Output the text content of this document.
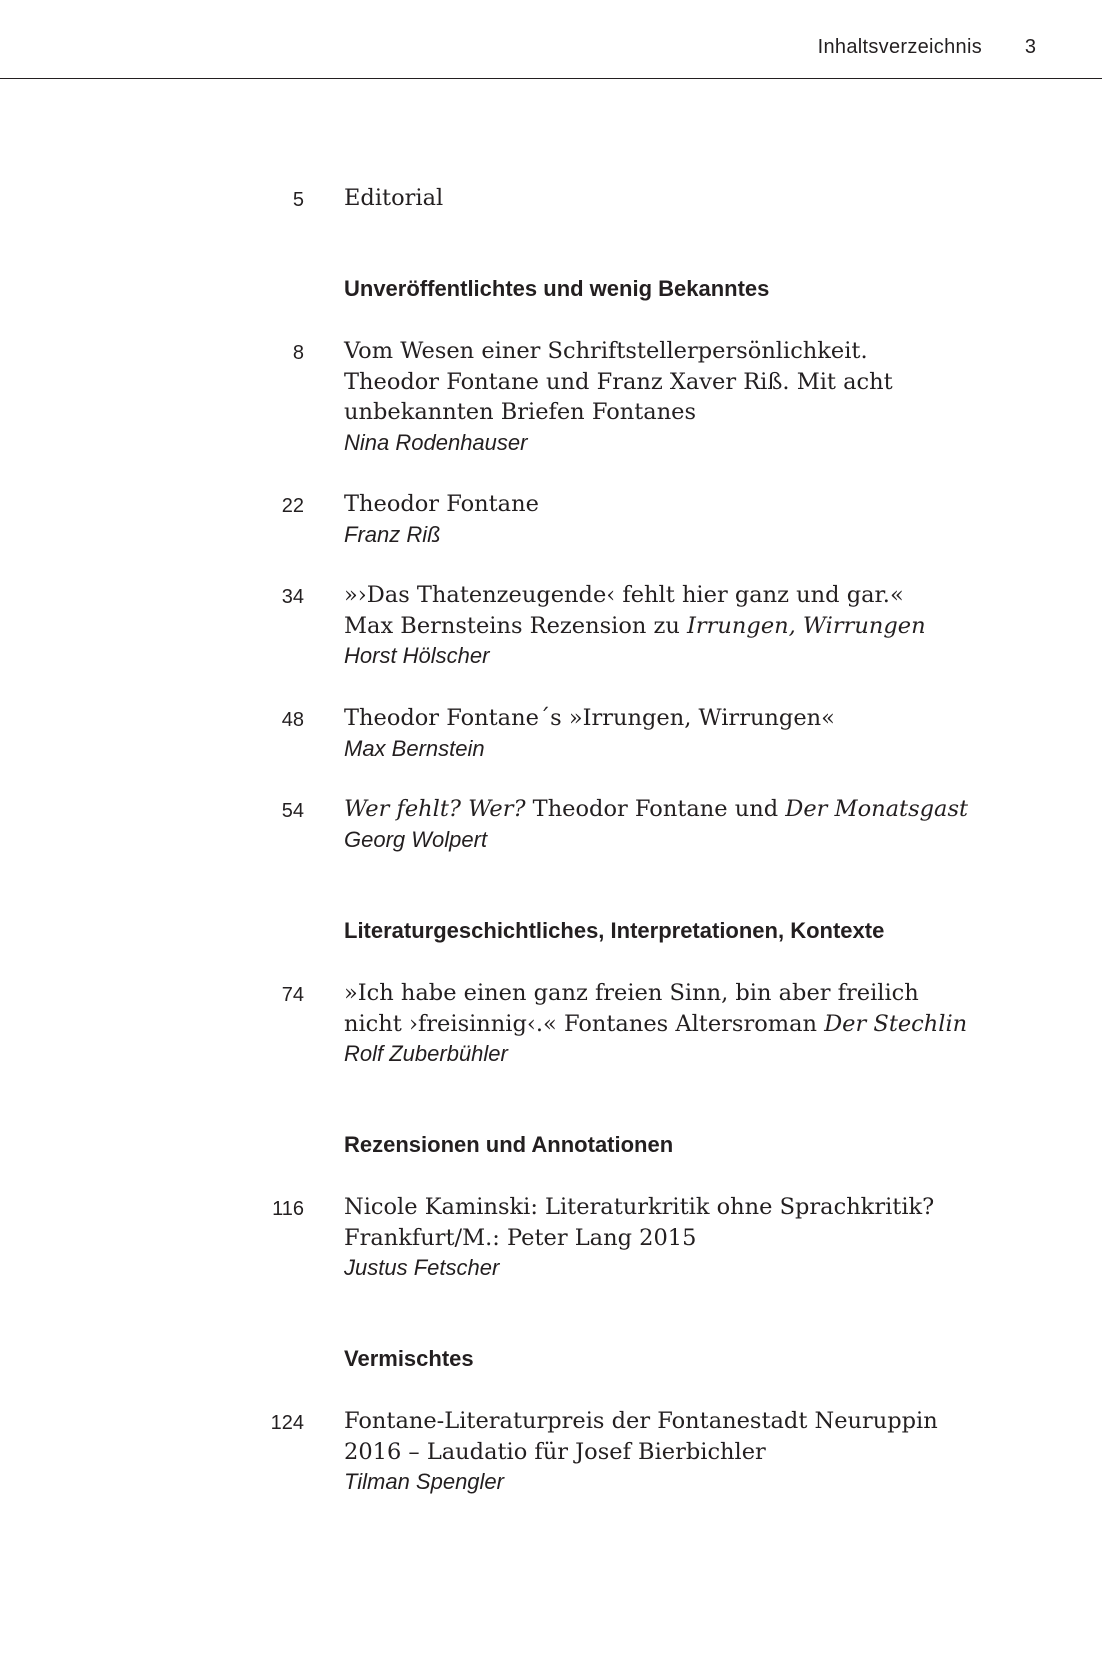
Inhaltsverzeichnis 3
5 Editorial
Unveröffentlichtes und wenig Bekanntes
8 Vom Wesen einer Schriftstellerpersönlichkeit.
Theodor Fontane und Franz Xaver Riß. Mit acht
unbekannten Briefen Fontanes
Nina Rodenhauser
22 Theodor Fontane
Franz Riß
34 »›Das Thatenzeugende‹ fehlt hier ganz und gar.«
Max Bernsteins Rezension zu Irrungen, Wirrungen
Horst Hölscher
48 Theodor Fontane´s »Irrungen, Wirrungen«
Max Bernstein
54 Wer fehlt? Wer? Theodor Fontane und Der Monatsgast
Georg Wolpert
Literaturgeschichtliches, Interpretationen, Kontexte
74 »Ich habe einen ganz freien Sinn, bin aber freilich
nicht ›freisinnig‹.« Fontanes Altersroman Der Stechlin
Rolf Zuberbühler
Rezensionen und Annotationen
116 Nicole Kaminski: Literaturkritik ohne Sprachkritik?
Frankfurt/M.: Peter Lang 2015
Justus Fetscher
Vermischtes
124 Fontane-Literaturpreis der Fontanestadt Neuruppin
2016 – Laudatio für Josef Bierbichler
Tilman Spengler
